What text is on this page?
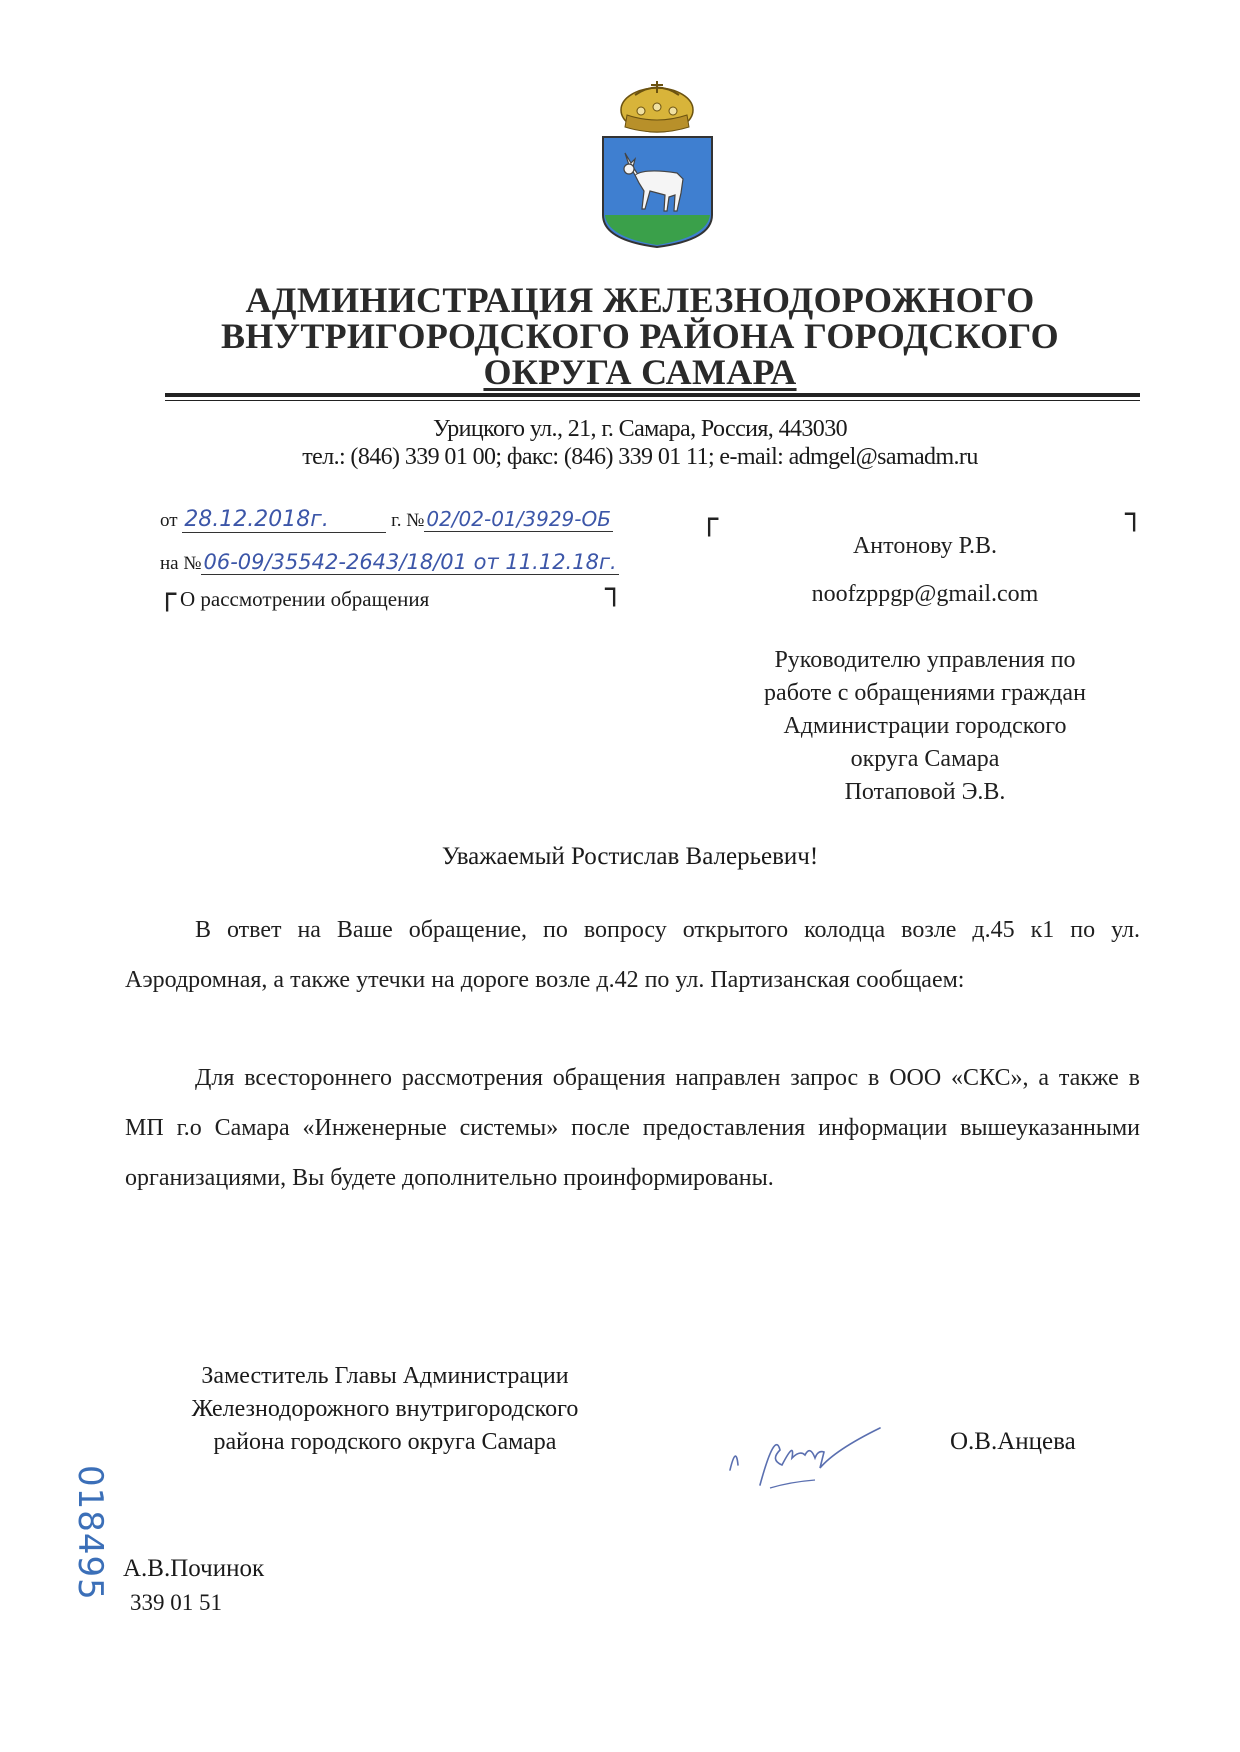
АДМИНИСТРАЦИЯ ЖЕЛЕЗНОДОРОЖНОГО
ВНУТРИГОРОДСКОГО РАЙОНА ГОРОДСКОГО
ОКРУГА САМАРА
Урицкого ул., 21, г. Самара, Россия, 443030
тел.: (846) 339 01 00; факс: (846) 339 01 11; e-mail: admgel@samadm.ru
от 28.12.2018г.	г. № 02/02-01/3929-ОБ	┌	┐
на №06-09/35542-2643/18/01 от 11.12.18г.
┌ О рассмотрении обращения	┐
Антонову Р.В.
noofzppgp@gmail.com
Руководителю управления по
работе с обращениями граждан
Администрации городского
округа Самара
Потаповой Э.В.
Уважаемый Ростислав Валерьевич!
В ответ на Ваше обращение, по вопросу открытого колодца возле д.45 к1 по ул. Аэродромная, а также утечки на дороге возле д.42 по ул. Партизанская сообщаем:
Для всестороннего рассмотрения обращения направлен запрос в ООО «СКС», а также в МП г.о Самара «Инженерные системы» после предоставления информации вышеуказанными организациями, Вы будете дополнительно проинформированы.
Заместитель Главы Администрации
Железнодорожного внутригородского
района городского округа Самара	О.В.Анцева
А.В.Починок
339 01 51
018495
